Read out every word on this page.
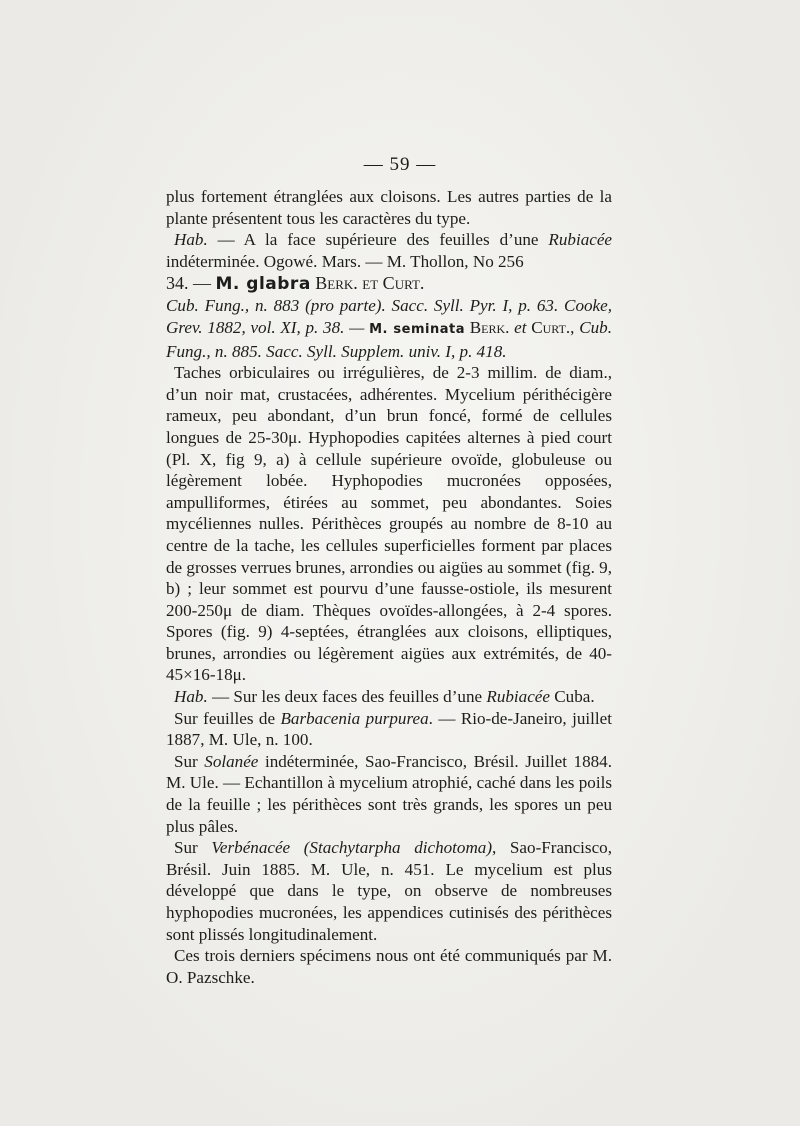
— 59 —

plus fortement étranglées aux cloisons. Les autres parties de la plante présentent tous les caractères du type.

Hab. — A la face supérieure des feuilles d’une Rubiacée indéterminée. Ogowé. Mars. — M. Thollon, No 256

34. — M. glabra Berk. et Curt.

Cub. Fung., n. 883 (pro parte). Sacc. Syll. Pyr. I, p. 63. Cooke, Grev. 1882, vol. XI, p. 38. — M. seminata Berk. et Curt., Cub. Fung., n. 885. Sacc. Syll. Supplem. univ. I, p. 418.

Taches orbiculaires ou irrégulières, de 2-3 millim. de diam., d’un noir mat, crustacées, adhérentes. Mycelium périthécigère rameux, peu abondant, d’un brun foncé, formé de cellules longues de 25-30μ. Hyphopodies capitées alternes à pied court (Pl. X, fig 9, a) à cellule supérieure ovoïde, globuleuse ou légèrement lobée. Hyphopodies mucronées opposées, ampulliformes, étirées au sommet, peu abondantes. Soies mycéliennes nulles. Périthèces groupés au nombre de 8-10 au centre de la tache, les cellules superficielles forment par places de grosses verrues brunes, arrondies ou aigües au sommet (fig. 9, b) ; leur sommet est pourvu d’une fausse-ostiole, ils mesurent 200-250μ de diam. Thèques ovoïdes-allongées, à 2-4 spores. Spores (fig. 9) 4-septées, étranglées aux cloisons, elliptiques, brunes, arrondies ou légèrement aigües aux extrémités, de 40-45×16-18μ.

Hab. — Sur les deux faces des feuilles d’une Rubiacée Cuba.

Sur feuilles de Barbacenia purpurea. — Rio-de-Janeiro, juillet 1887, M. Ule, n. 100.

Sur Solanée indéterminée, Sao-Francisco, Brésil. Juillet 1884. M. Ule. — Echantillon à mycelium atrophié, caché dans les poils de la feuille ; les périthèces sont très grands, les spores un peu plus pâles.

Sur Verbénacée (Stachytarpha dichotoma), Sao-Francisco, Brésil. Juin 1885. M. Ule, n. 451. Le mycelium est plus développé que dans le type, on observe de nombreuses hyphopodies mucronées, les appendices cutinisés des périthèces sont plissés longitudinalement.

Ces trois derniers spécimens nous ont été communiqués par M. O. Pazschke.
